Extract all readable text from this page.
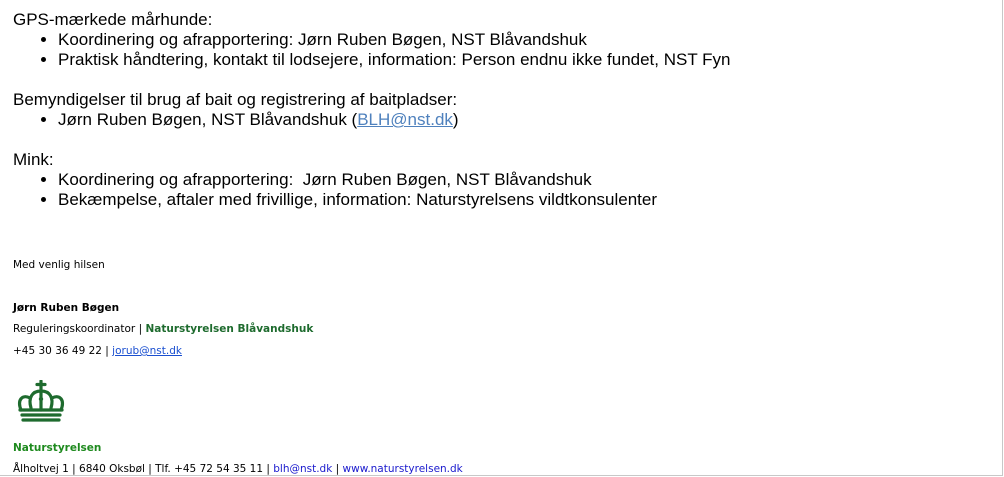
GPS-mærkede mårhunde:

• Koordinering og afrapportering: Jørn Ruben Bøgen, NST Blåvandshuk
• Praktisk håndtering, kontakt til lodsejere, information: Person endnu ikke fundet, NST Fyn

Bemyndigelser til brug af bait og registrering af baitpladser:

• Jørn Ruben Bøgen, NST Blåvandshuk (BLH@nst.dk)

Mink:

• Koordinering og afrapportering:  Jørn Ruben Bøgen, NST Blåvandshuk
• Bekæmpelse, aftaler med frivillige, information: Naturstyrelsens vildtkonsulenter
Med venlig hilsen
Jørn Ruben Bøgen
Reguleringskoordinator | Naturstyrelsen Blåvandshuk
+45 30 36 49 22 | jorub@nst.dk
Naturstyrelsen
Ålholtvej 1 | 6840 Oksbøl | Tlf. +45 72 54 35 11 | blh@nst.dk | www.naturstyrelsen.dk
